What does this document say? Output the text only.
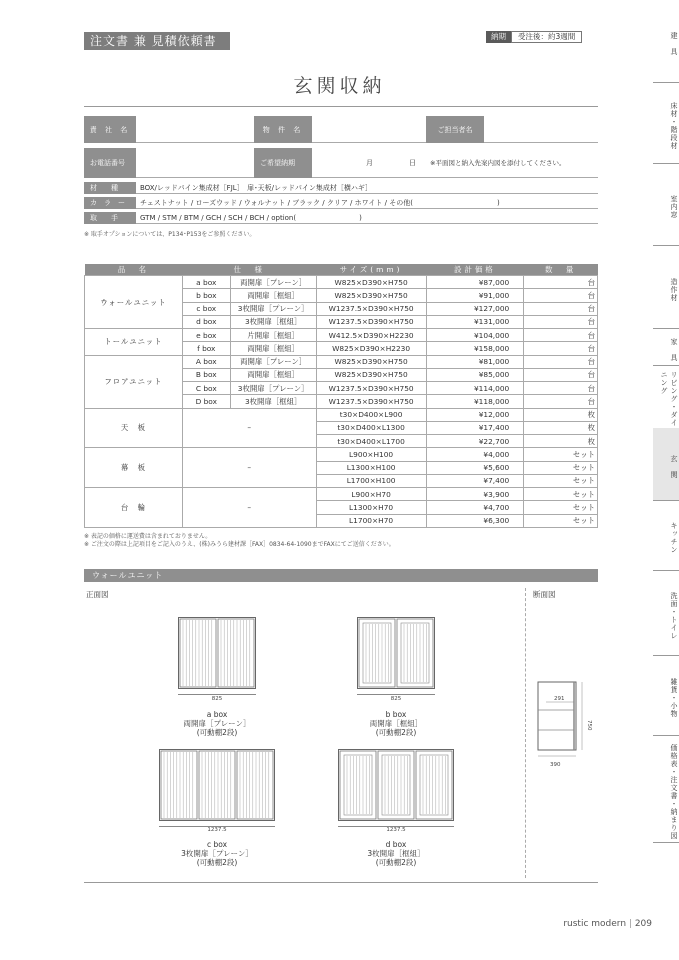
注文書 兼 見積依頼書	納期	受注後：約3週間
玄関収納
責 社 名	物 件 名	ご担当者名
お電話番号	ご希望納期	月	日 ※平面図と納入先案内図を添付してください。
材　　種	BOX/レッドパイン集成材［FJL］　扉･天板/レッドパイン集成材［横ハギ］
カ　ラ　ー	チェストナット / ローズウッド / ウォルナット / ブラック / クリア / ホワイト / その他(　　　　　　　　　　　　)
取　　手	GTM / STM / BTM / GCH / SCH / BCH / option(　　　　　　　　　)
※ 取手オプションについては、P134･P153をご参照ください。
品　名	仕　様		サイズ(mm)	設計価格	数　量
ウォールユニット	a box	両開扉［プレーン］	W825×D390×H750	¥87,000	台
	b box	両開扉［框組］	W825×D390×H750	¥91,000	台
	c box	3枚開扉［プレーン］	W1237.5×D390×H750	¥127,000	台
	d box	3枚開扉［框組］	W1237.5×D390×H750	¥131,000	台
トールユニット	e box	片開扉［框組］	W412.5×D390×H2230	¥104,000	台
	f box	両開扉［框組］	W825×D390×H2230	¥158,000	台
フロアユニット	A box	両開扉［プレーン］	W825×D390×H750	¥81,000	台
	B box	両開扉［框組］	W825×D390×H750	¥85,000	台
	C box	3枚開扉［プレーン］	W1237.5×D390×H750	¥114,000	台
	D box	3枚開扉［框組］	W1237.5×D390×H750	¥118,000	台
天　板	–		t30×D400×L900	¥12,000	枚
			t30×D400×L1300	¥17,400	枚
			t30×D400×L1700	¥22,700	枚
幕　板	–		L900×H100	¥4,000	セット
			L1300×H100	¥5,600	セット
			L1700×H100	¥7,400	セット
台　輪	–		L900×H70	¥3,900	セット
			L1300×H70	¥4,700	セット
			L1700×H70	¥6,300	セット
※ 表記の価格に運送費は含まれておりません。
※ ご注文の際は上記項目をご記入のうえ、(株)みうら建材課［FAX］0834-64-1090までFAXにてご送信ください。
ウォールユニット
正面図	断面図
825
a box
両開扉［プレーン］
(可動棚2段)
825
b box
両開扉［框組］
(可動棚2段)
1237.5
c box
3枚開扉［プレーン］
(可動棚2段)
1237.5
d box
3枚開扉［框組］
(可動棚2段)
291
750
390
rustic modern | 209
建　具
床材・階段材
室内窓
造作材
家　具
リビング・ダイニング
玄　関
キッチン
洗面・トイレ
雑貨・小物
価格表・注文書・納まり図
